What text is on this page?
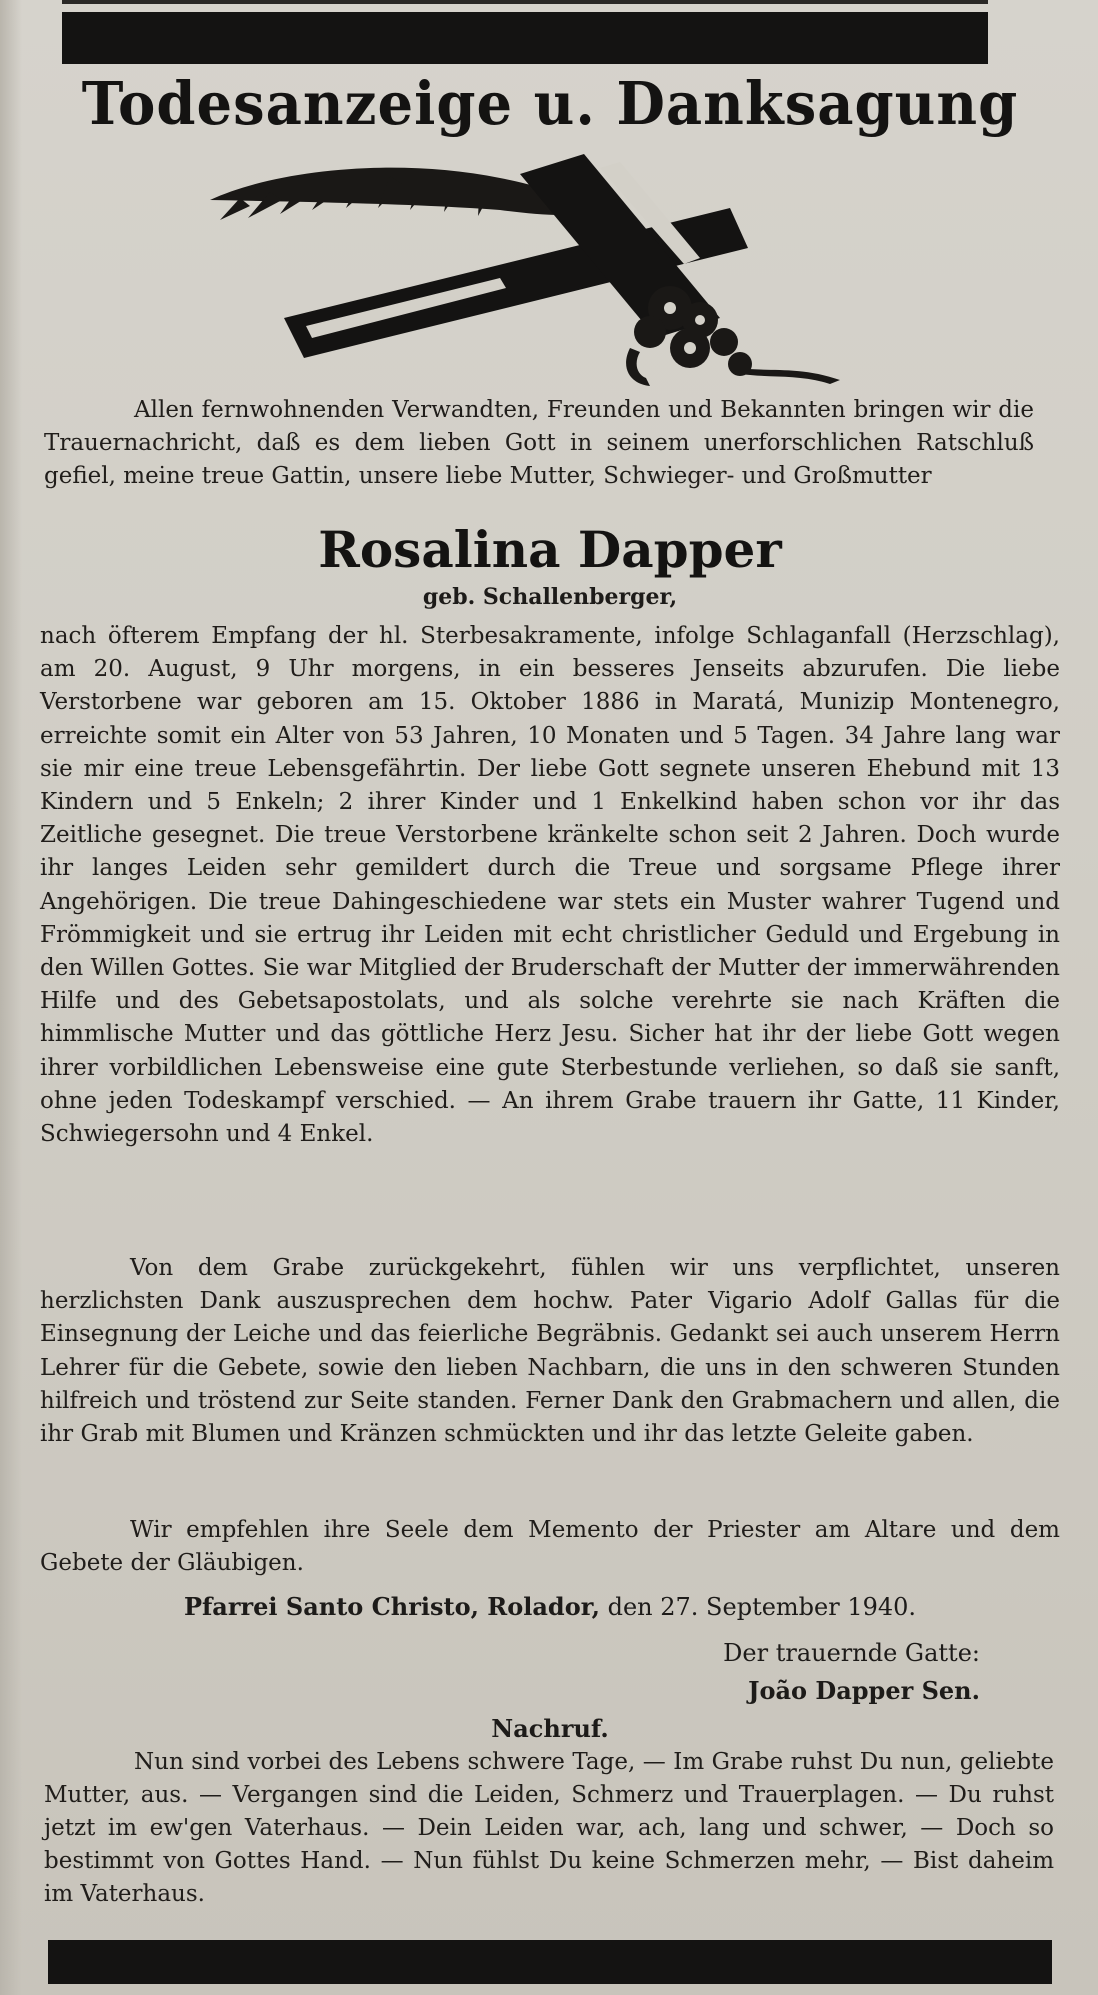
Todesanzeige u. Danksagung
Allen fernwohnenden Verwandten, Freunden und Bekannten bringen wir die Trauernachricht, daß es dem lieben Gott in seinem unerforschlichen Ratschluß gefiel, meine treue Gattin, unsere liebe Mutter, Schwieger- und Großmutter
Rosalina Dapper
geb. Schallenberger,
nach öfterem Empfang der hl. Sterbesakramente, infolge Schlaganfall (Herzschlag), am 20. August, 9 Uhr morgens, in ein besseres Jenseits abzurufen. Die liebe Verstorbene war geboren am 15. Oktober 1886 in Maratá, Munizip Montenegro, erreichte somit ein Alter von 53 Jahren, 10 Monaten und 5 Tagen. 34 Jahre lang war sie mir eine treue Lebensgefährtin. Der liebe Gott segnete unseren Ehebund mit 13 Kindern und 5 Enkeln; 2 ihrer Kinder und 1 Enkelkind haben schon vor ihr das Zeitliche gesegnet. Die treue Verstorbene kränkelte schon seit 2 Jahren. Doch wurde ihr langes Leiden sehr gemildert durch die Treue und sorgsame Pflege ihrer Angehörigen. Die treue Dahingeschiedene war stets ein Muster wahrer Tugend und Frömmigkeit und sie ertrug ihr Leiden mit echt christlicher Geduld und Ergebung in den Willen Gottes. Sie war Mitglied der Bruderschaft der Mutter der immerwährenden Hilfe und des Gebetsapostolats, und als solche verehrte sie nach Kräften die himmlische Mutter und das göttliche Herz Jesu. Sicher hat ihr der liebe Gott wegen ihrer vorbildlichen Lebensweise eine gute Sterbestunde verliehen, so daß sie sanft, ohne jeden Todeskampf verschied. — An ihrem Grabe trauern ihr Gatte, 11 Kinder, Schwiegersohn und 4 Enkel.
Von dem Grabe zurückgekehrt, fühlen wir uns verpflichtet, unseren herzlichsten Dank auszusprechen dem hochw. Pater Vigario Adolf Gallas für die Einsegnung der Leiche und das feierliche Begräbnis. Gedankt sei auch unserem Herrn Lehrer für die Gebete, sowie den lieben Nachbarn, die uns in den schweren Stunden hilfreich und tröstend zur Seite standen. Ferner Dank den Grabmachern und allen, die ihr Grab mit Blumen und Kränzen schmückten und ihr das letzte Geleite gaben.
Wir empfehlen ihre Seele dem Memento der Priester am Altare und dem Gebete der Gläubigen.
Pfarrei Santo Christo, Rolador, den 27. September 1940.
Der trauernde Gatte:
João Dapper Sen.
Nachruf.
Nun sind vorbei des Lebens schwere Tage, — Im Grabe ruhst Du nun, geliebte Mutter, aus. — Vergangen sind die Leiden, Schmerz und Trauerplagen. — Du ruhst jetzt im ew'gen Vaterhaus. — Dein Leiden war, ach, lang und schwer, — Doch so bestimmt von Gottes Hand. — Nun fühlst Du keine Schmerzen mehr, — Bist daheim im Vaterhaus.
